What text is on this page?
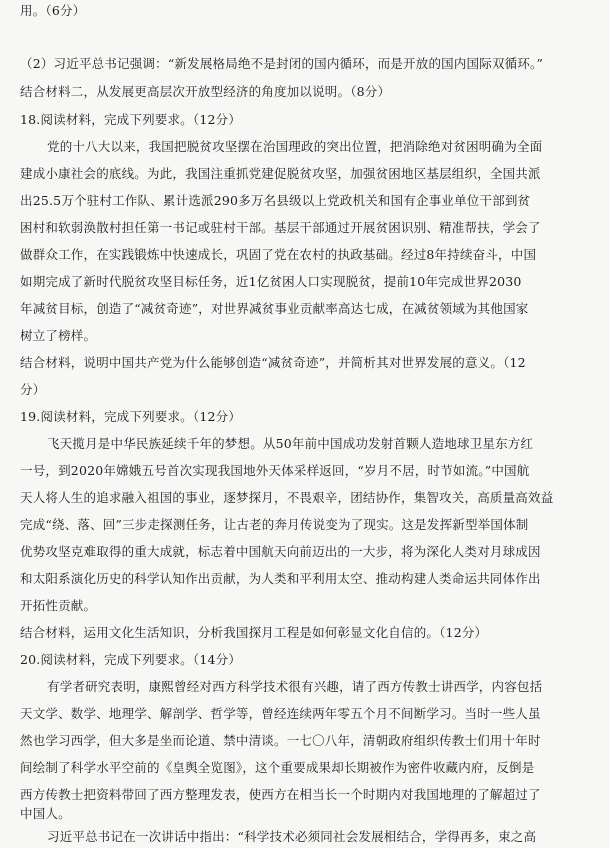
用。（6分）
（2）习近平总书记强调：“新发展格局绝不是封闭的国内循环，而是开放的国内国际双循环。”
结合材料二，从发展更高层次开放型经济的角度加以说明。（8分）
18.阅读材料，完成下列要求。（12分）
党的十八大以来，我国把脱贫攻坚摆在治国理政的突出位置，把消除绝对贫困明确为全面
建成小康社会的底线。为此，我国注重抓党建促脱贫攻坚，加强贫困地区基层组织，全国共派
出25.5万个驻村工作队、累计选派290多万名县级以上党政机关和国有企事业单位干部到贫
困村和软弱涣散村担任第一书记或驻村干部。基层干部通过开展贫困识别、精准帮扶，学会了
做群众工作，在实践锻炼中快速成长，巩固了党在农村的执政基础。经过8年持续奋斗，中国
如期完成了新时代脱贫攻坚目标任务，近1亿贫困人口实现脱贫，提前10年完成世界2030
年减贫目标，创造了“减贫奇迹”，对世界减贫事业贡献率高达七成，在减贫领域为其他国家
树立了榜样。
结合材料，说明中国共产党为什么能够创造“减贫奇迹”，并简析其对世界发展的意义。（12
分）
19.阅读材料，完成下列要求。（12分）
飞天揽月是中华民族延续千年的梦想。从50年前中国成功发射首颗人造地球卫星东方红
一号，到2020年嫦娥五号首次实现我国地外天体采样返回，“岁月不居，时节如流。”中国航
天人将人生的追求融入祖国的事业，逐梦探月，不畏艰辛，团结协作，集智攻关，高质量高效益
完成“绕、落、回”三步走探测任务，让古老的奔月传说变为了现实。这是发挥新型举国体制
优势攻坚克难取得的重大成就，标志着中国航天向前迈出的一大步，将为深化人类对月球成因
和太阳系演化历史的科学认知作出贡献，为人类和平利用太空、推动构建人类命运共同体作出
开拓性贡献。
结合材料，运用文化生活知识，分析我国探月工程是如何彰显文化自信的。（12分）
20.阅读材料，完成下列要求。（14分）
有学者研究表明，康熙曾经对西方科学技术很有兴趣，请了西方传教士讲西学，内容包括
天文学、数学、地理学、解剖学、哲学等，曾经连续两年零五个月不间断学习。当时一些人虽
然也学习西学，但大多是坐而论道、禁中清谈。一七〇八年，清朝政府组织传教士们用十年时
间绘制了科学水平空前的《皇舆全览图》，这个重要成果却长期被作为密件收藏内府，反倒是
西方传教士把资料带回了西方整理发表，使西方在相当长一个时期内对我国地理的了解超过了
中国人。
习近平总书记在一次讲话中指出：“科学技术必须同社会发展相结合，学得再多，束之高
